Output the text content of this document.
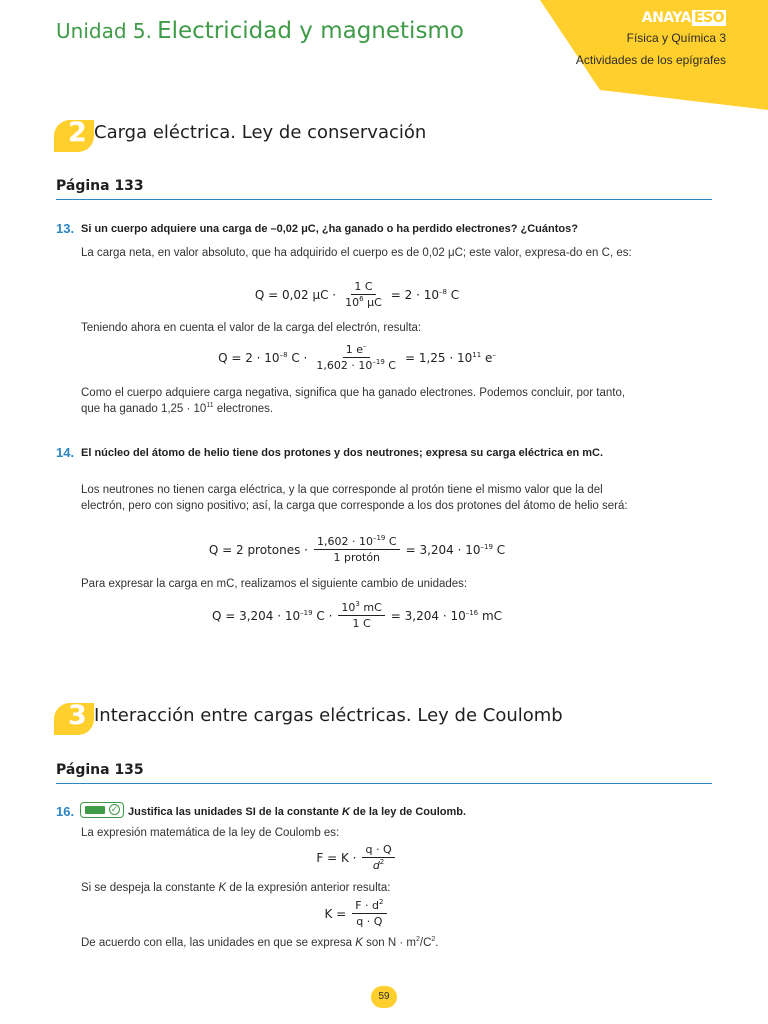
Unidad 5. Electricidad y magnetismo	ANAYA ESO
Física y Química 3
Actividades de los epígrafes
2 Carga eléctrica. Ley de conservación
Página 133
13. Si un cuerpo adquiere una carga de –0,02 μC, ¿ha ganado o ha perdido electrones? ¿Cuántos?
La carga neta, en valor absoluto, que ha adquirido el cuerpo es de 0,02 μC; este valor, expresa-do en C, es:
Q = 0,02 $\mu C \cdot \frac{1 C}{10^6 \mu C} = 2 \cdot 10^{-8}$ C
Teniendo ahora en cuenta el valor de la carga del electrón, resulta:
$Q = 2 \cdot 10^{-8}$ $C \cdot \frac{1 e^-}{1,602 \cdot 10^{-19} C} = 1,25 \cdot 10^{11}$ e–
Como el cuerpo adquiere carga negativa, significa que ha ganado electrones. Podemos concluir, por tanto, que ha ganado $1,25 \cdot 10^{11}$ electrones.
14. El núcleo del átomo de helio tiene dos protones y dos neutrones; expresa su carga eléctrica en mC.
Los neutrones no tienen carga eléctrica, y la que corresponde al protón tiene el mismo valor que la del electrón, pero con signo positivo; así, la carga que corresponde a los dos protones del átomo de helio será:
Q = 2 protones · $\frac{1,602 \cdot 10^{-19} C}{\text{1 protón}} = 3,204 \cdot 10^{-19}$ C
Para expresar la carga en mC, realizamos el siguiente cambio de unidades:
$Q = 3,204 \cdot 10^{-19}$ $C \cdot \frac{10^3 mC}{1 C} = 3,204 \cdot 10^{-16}$ mC
3 Interacción entre cargas eléctricas. Ley de Coulomb
Página 135
16.	✓ Justifica las unidades SI de la constante K de la ley de Coulomb.
La expresión matemática de la ley de Coulomb es:
$F = K \cdot \frac{q \cdot Q}{d^2}$
Si se despeja la constante K de la expresión anterior resulta:
$K = \frac{F \cdot d^2}{q \cdot Q}$
De acuerdo con ella, las unidades en que se expresa K son $N \cdot m^2/C^2$.
59
